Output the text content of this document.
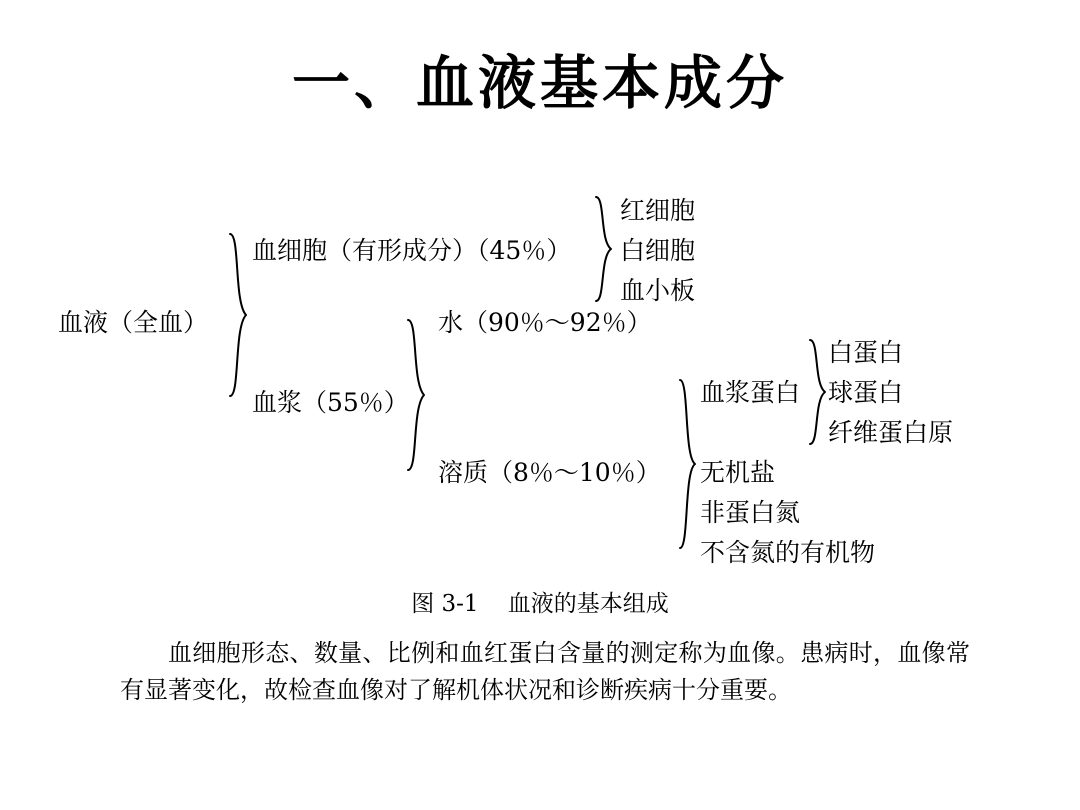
一、血液基本成分
血液（全血）
血细胞（有形成分）（45％）
红细胞
白细胞
血小板
血浆（55％）
水（90％～92％）
溶质（8％～10％）
血浆蛋白
无机盐
非蛋白氮
不含氮的有机物
白蛋白
球蛋白
纤维蛋白原
图 3-1    血液的基本组成
血细胞形态、数量、比例和血红蛋白含量的测定称为血像。患病时，血像常有显著变化，故检查血像对了解机体状况和诊断疾病十分重要。
